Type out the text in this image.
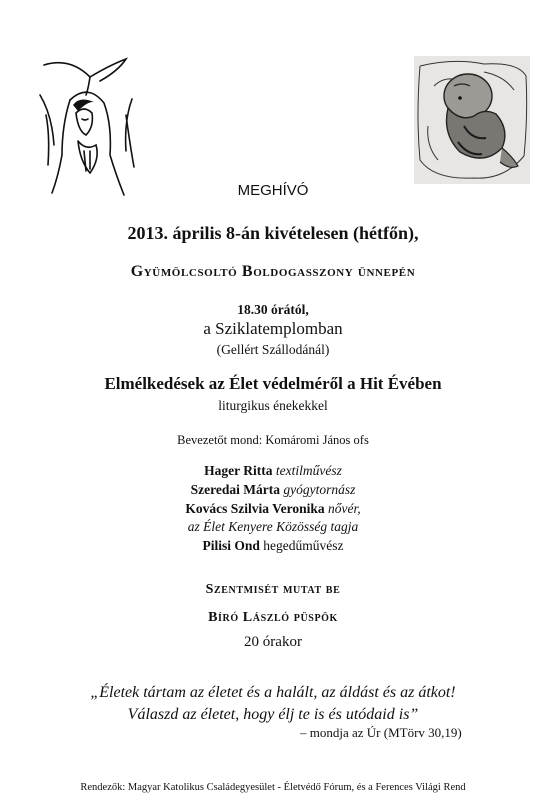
MEGHÍVÓ
2013. április 8-án kivételesen (hétfőn),
Gyümölcsoltó Boldogasszony ünnepén
18.30 órától,
a Sziklatemplomban
(Gellért Szállodánál)
Elmélkedések az Élet védelméről a Hit Évében
liturgikus énekekkel
Bevezetőt mond: Komáromi János ofs
Hager Ritta textilművész
Szeredai Márta gyógytornász
Kovács Szilvia Veronika nővér,
az Élet Kenyere Közösség tagja
Pilisi Ond hegedűművész
Szentmisét mutat be
Bíró László püspök
20 órakor
„Életek tártam az életet és a halált, az áldást és az átkot!
Válaszd az életet, hogy élj te is és utódaid is”
– mondja az Úr (MTörv 30,19)
Rendezők: Magyar Katolikus Családegyesület - Életvédő Fórum, és a Ferences Világi Rend
